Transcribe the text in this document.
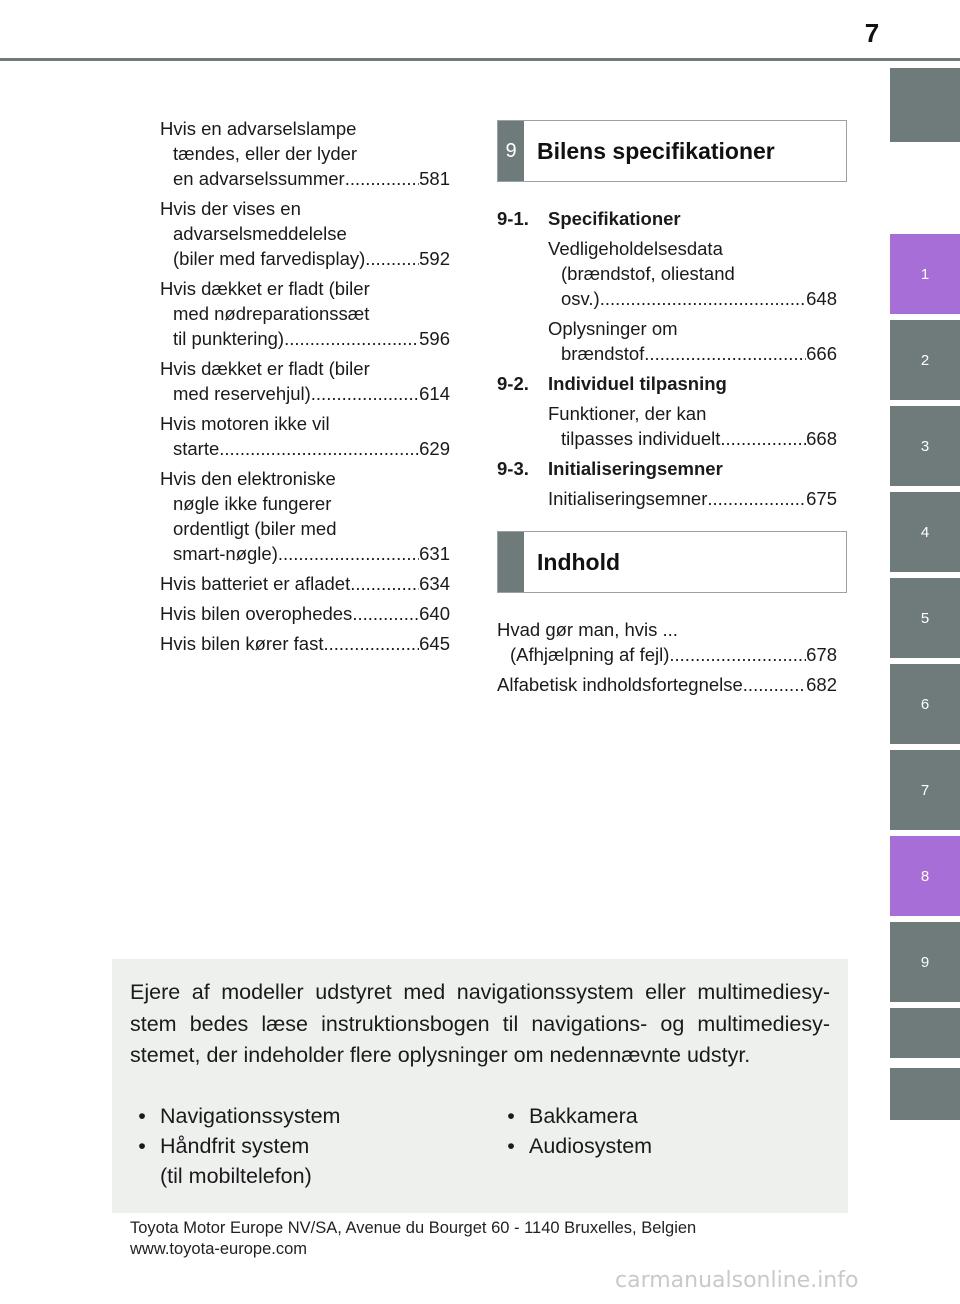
7
1
2
3
4
5
6
7
8
9
Hvis en advarselslampe
tændes, eller der lyder
en advarselssummer .....	581
Hvis der vises en
advarselsmeddelelse
(biler med farvedisplay) .....	592
Hvis dækket er fladt (biler
med nødreparationssæt
til punktering) .....	596
Hvis dækket er fladt (biler
med reservehjul) .....	614
Hvis motoren ikke vil
starte .....	629
Hvis den elektroniske
nøgle ikke fungerer
ordentligt (biler med
smart-nøgle) .....	631
Hvis batteriet er afladet .....	634
Hvis bilen overophedes .....	640
Hvis bilen kører fast .....	645
9 Bilens specifikationer
9-1.	Specifikationer
Vedligeholdelsesdata
(brændstof, oliestand
osv.) .....	648
Oplysninger om
brændstof .....	666
9-2.	Individuel tilpasning
Funktioner, der kan
tilpasses individuelt .....	668
9-3.	Initialiseringsemner
Initialiseringsemner .....	675
Indhold
Hvad gør man, hvis ...
(Afhjælpning af fejl) .....	678
Alfabetisk indholdsfortegnelse .....	682
Ejere af modeller udstyret med navigationssystem eller multimediesy-stem bedes læse instruktionsbogen til navigations- og multimediesy-stemet, der indeholder flere oplysninger om nedennævnte udstyr.
• Navigationssystem
• Håndfrit system
(til mobiltelefon)
• Bakkamera
• Audiosystem
Toyota Motor Europe NV/SA, Avenue du Bourget 60 - 1140 Bruxelles, Belgien
www.toyota-europe.com
carmanualsonline.info
